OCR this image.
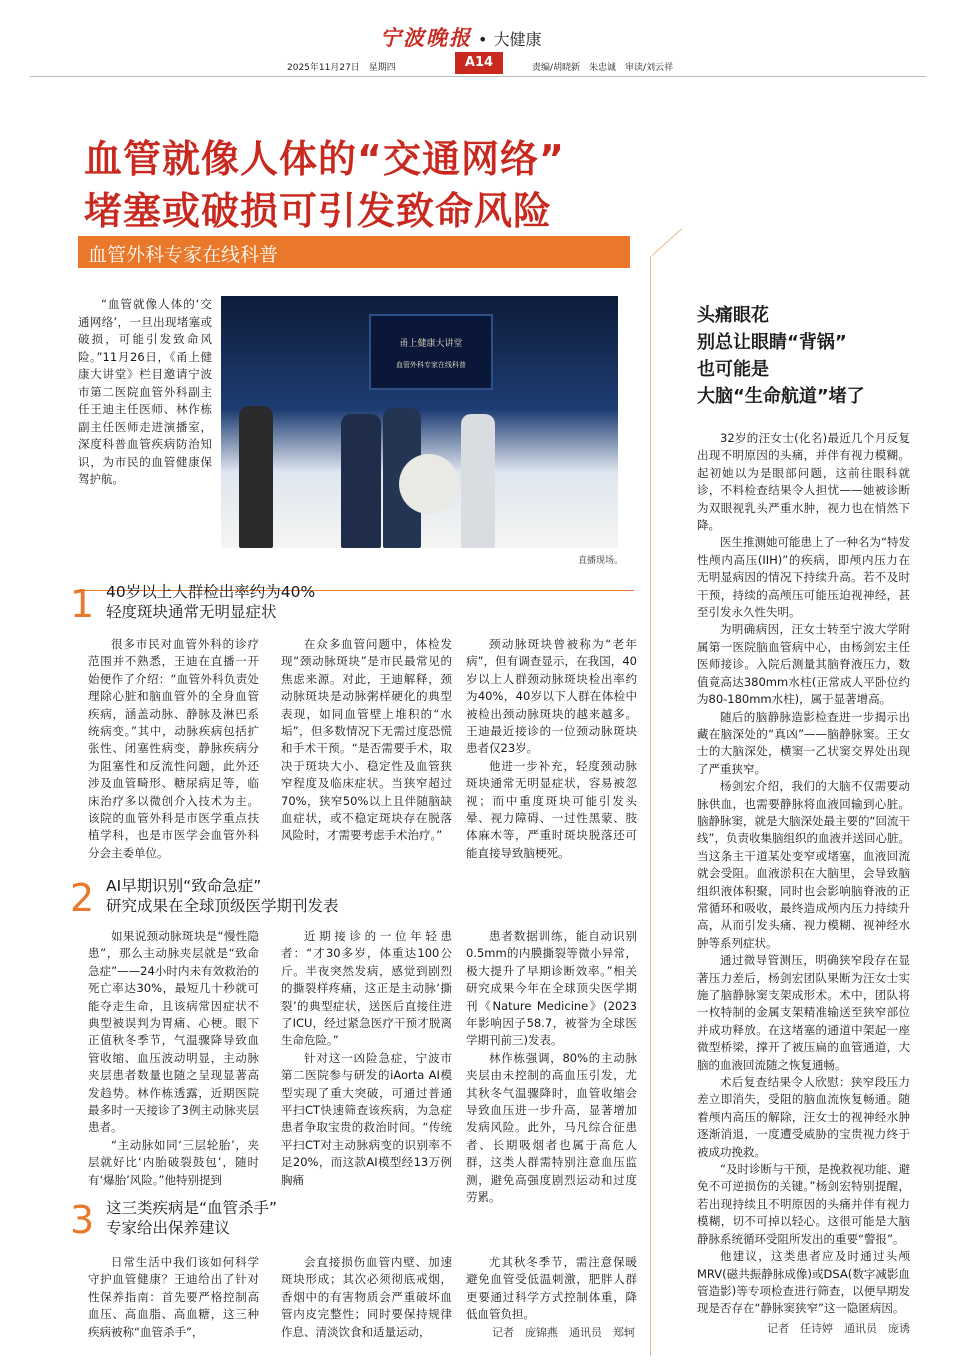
宁波晚报 • 大健康
2025年11月27日　星期四	A14	责编/胡晓新　朱忠诚　审读/刘云祥
血管就像人体的“交通网络”
堵塞或破损可引发致命风险
血管外科专家在线科普
“血管就像人体的‘交通网络’，一旦出现堵塞或破损，可能引发致命风险。”11月26日，《甬上健康大讲堂》栏目邀请宁波市第二医院血管外科副主任王迪主任医师、林作栋副主任医师走进演播室，深度科普血管疾病防治知识，为市民的血管健康保驾护航。
甬上健康大讲堂
血管外科专家在线科普
直播现场。
1 40岁以上人群检出率约为40%
轻度斑块通常无明显症状

很多市民对血管外科的诊疗范围并不熟悉，王迪在直播一开始便作了介绍：“血管外科负责处理除心脏和脑血管外的全身血管疾病，涵盖动脉、静脉及淋巴系统病变。”其中，动脉疾病包括扩张性、闭塞性病变，静脉疾病分为阻塞性和反流性问题，此外还涉及血管畸形、糖尿病足等，临床治疗多以微创介入技术为主。该院的血管外科是市医学重点扶植学科，也是市医学会血管外科分会主委单位。

在众多血管问题中，体检发现“颈动脉斑块”是市民最常见的焦虑来源。对此，王迪解释，颈动脉斑块是动脉粥样硬化的典型表现，如同血管壁上堆积的“水垢”，但多数情况下无需过度恐慌和手术干预。“是否需要手术，取决于斑块大小、稳定性及血管狭窄程度及临床症状。当狭窄超过70%，狭窄50%以上且伴随脑缺血症状，或不稳定斑块存在脱落风险时，才需要考虑手术治疗。”

颈动脉斑块曾被称为“老年病”，但有调查显示，在我国，40岁以上人群颈动脉斑块检出率约为40%，40岁以下人群在体检中被检出颈动脉斑块的越来越多。王迪最近接诊的一位颈动脉斑块患者仅23岁。

他进一步补充，轻度颈动脉斑块通常无明显症状，容易被忽视；而中重度斑块可能引发头晕、视力障碍、一过性黑蒙、肢体麻木等，严重时斑块脱落还可能直接导致脑梗死。

2 AI早期识别“致命急症”
研究成果在全球顶级医学期刊发表

如果说颈动脉斑块是“慢性隐患”，那么主动脉夹层就是“致命急症”——24小时内未有效救治的死亡率达30%，最短几十秒就可能夺走生命，且该病常因症状不典型被误判为胃痛、心梗。眼下正值秋冬季节，气温骤降导致血管收缩、血压波动明显，主动脉夹层患者数量也随之呈现显著高发趋势。林作栋透露，近期医院最多时一天接诊了3例主动脉夹层患者。

“主动脉如同‘三层轮胎’，夹层就好比‘内胎破裂鼓包’，随时有‘爆胎’风险。”他特别提到

近期接诊的一位年轻患者：“才30多岁，体重达100公斤。半夜突然发病，感觉到剧烈的撕裂样疼痛，这正是主动脉‘撕裂’的典型症状，送医后直接住进了ICU，经过紧急医疗干预才脱离生命危险。”

针对这一凶险急症，宁波市第二医院参与研发的iAorta AI模型实现了重大突破，可通过普通平扫CT快速筛查该疾病，为急症患者争取宝贵的救治时间。“传统平扫CT对主动脉病变的识别率不足20%，而这款AI模型经13万例胸痛

患者数据训练，能自动识别0.5mm的内膜撕裂等微小异常，极大提升了早期诊断效率。”相关研究成果今年在全球顶尖医学期刊《Nature Medicine》(2023年影响因子58.7，被誉为全球医学期刊前三)发表。

林作栋强调，80%的主动脉夹层由未控制的高血压引发，尤其秋冬气温骤降时，血管收缩会导致血压进一步升高，显著增加发病风险。此外，马凡综合征患者、长期吸烟者也属于高危人群，这类人群需特别注意血压监测，避免高强度剧烈运动和过度劳累。

3 这三类疾病是“血管杀手”
专家给出保养建议

日常生活中我们该如何科学守护血管健康？王迪给出了针对性保养指南：首先要严格控制高血压、高血脂、高血糖，这三种疾病被称“血管杀手”，

会直接损伤血管内壁、加速斑块形成；其次必须彻底戒烟，香烟中的有害物质会严重破坏血管内皮完整性；同时要保持规律作息、清淡饮食和适量运动，

尤其秋冬季节，需注意保暖避免血管受低温刺激，肥胖人群更要通过科学方式控制体重，降低血管负担。

记者　庞锦燕　通讯员　郑轲
头痛眼花
别总让眼睛“背锅”
也可能是
大脑“生命航道”堵了

32岁的汪女士(化名)最近几个月反复出现不明原因的头痛，并伴有视力模糊。起初她以为是眼部问题，这前往眼科就诊，不料检查结果令人担忧——她被诊断为双眼视乳头严重水肿，视力也在悄然下降。

医生推测她可能患上了一种名为“特发性颅内高压(IIH)”的疾病，即颅内压力在无明显病因的情况下持续升高。若不及时干预，持续的高颅压可能压迫视神经，甚至引发永久性失明。

为明确病因，汪女士转至宁波大学附属第一医院脑血管病中心，由杨剑宏主任医师接诊。入院后测量其脑脊液压力，数值竟高达380mm水柱(正常成人平卧位约为80-180mm水柱)，属于显著增高。

随后的脑静脉造影检查进一步揭示出藏在脑深处的“真凶”——脑静脉窦。王女士的大脑深处，横窦一乙状窦交界处出现了严重狭窄。

杨剑宏介绍，我们的大脑不仅需要动脉供血，也需要静脉将血液回输到心脏。脑静脉窦，就是大脑深处最主要的“回流干线”，负责收集脑组织的血液并送回心脏。当这条主干道某处变窄或堵塞，血液回流就会受阻。血液淤积在大脑里，会导致脑组织液体积聚，同时也会影响脑脊液的正常循环和吸收，最终造成颅内压力持续升高，从而引发头痛、视力模糊、视神经水肿等系列症状。

通过微导管测压，明确狭窄段存在显著压力差后，杨剑宏团队果断为汪女士实施了脑静脉窦支架成形术。术中，团队将一枚特制的金属支架精准输送至狭窄部位并成功释放。在这堵塞的通道中架起一座微型桥梁，撑开了被压扁的血管通道，大脑的血液回流随之恢复通畅。

术后复查结果令人欣慰：狭窄段压力差立即消失，受阻的脑血流恢复畅通。随着颅内高压的解除，汪女士的视神经水肿逐渐消退，一度遭受威胁的宝贵视力终于被成功挽救。

“及时诊断与干预，是挽救视功能、避免不可逆损伤的关键。”杨剑宏特别提醒，若出现持续且不明原因的头痛并伴有视力模糊，切不可掉以轻心。这很可能是大脑静脉系统循环受阻所发出的重要“警报”。

他建议，这类患者应及时通过头颅MRV(磁共振静脉成像)或DSA(数字减影血管造影)等专项检查进行筛查，以便早期发现是否存在“静脉窦狭窄”这一隐匿病因。

记者　任诗婷　通讯员　庞诱
